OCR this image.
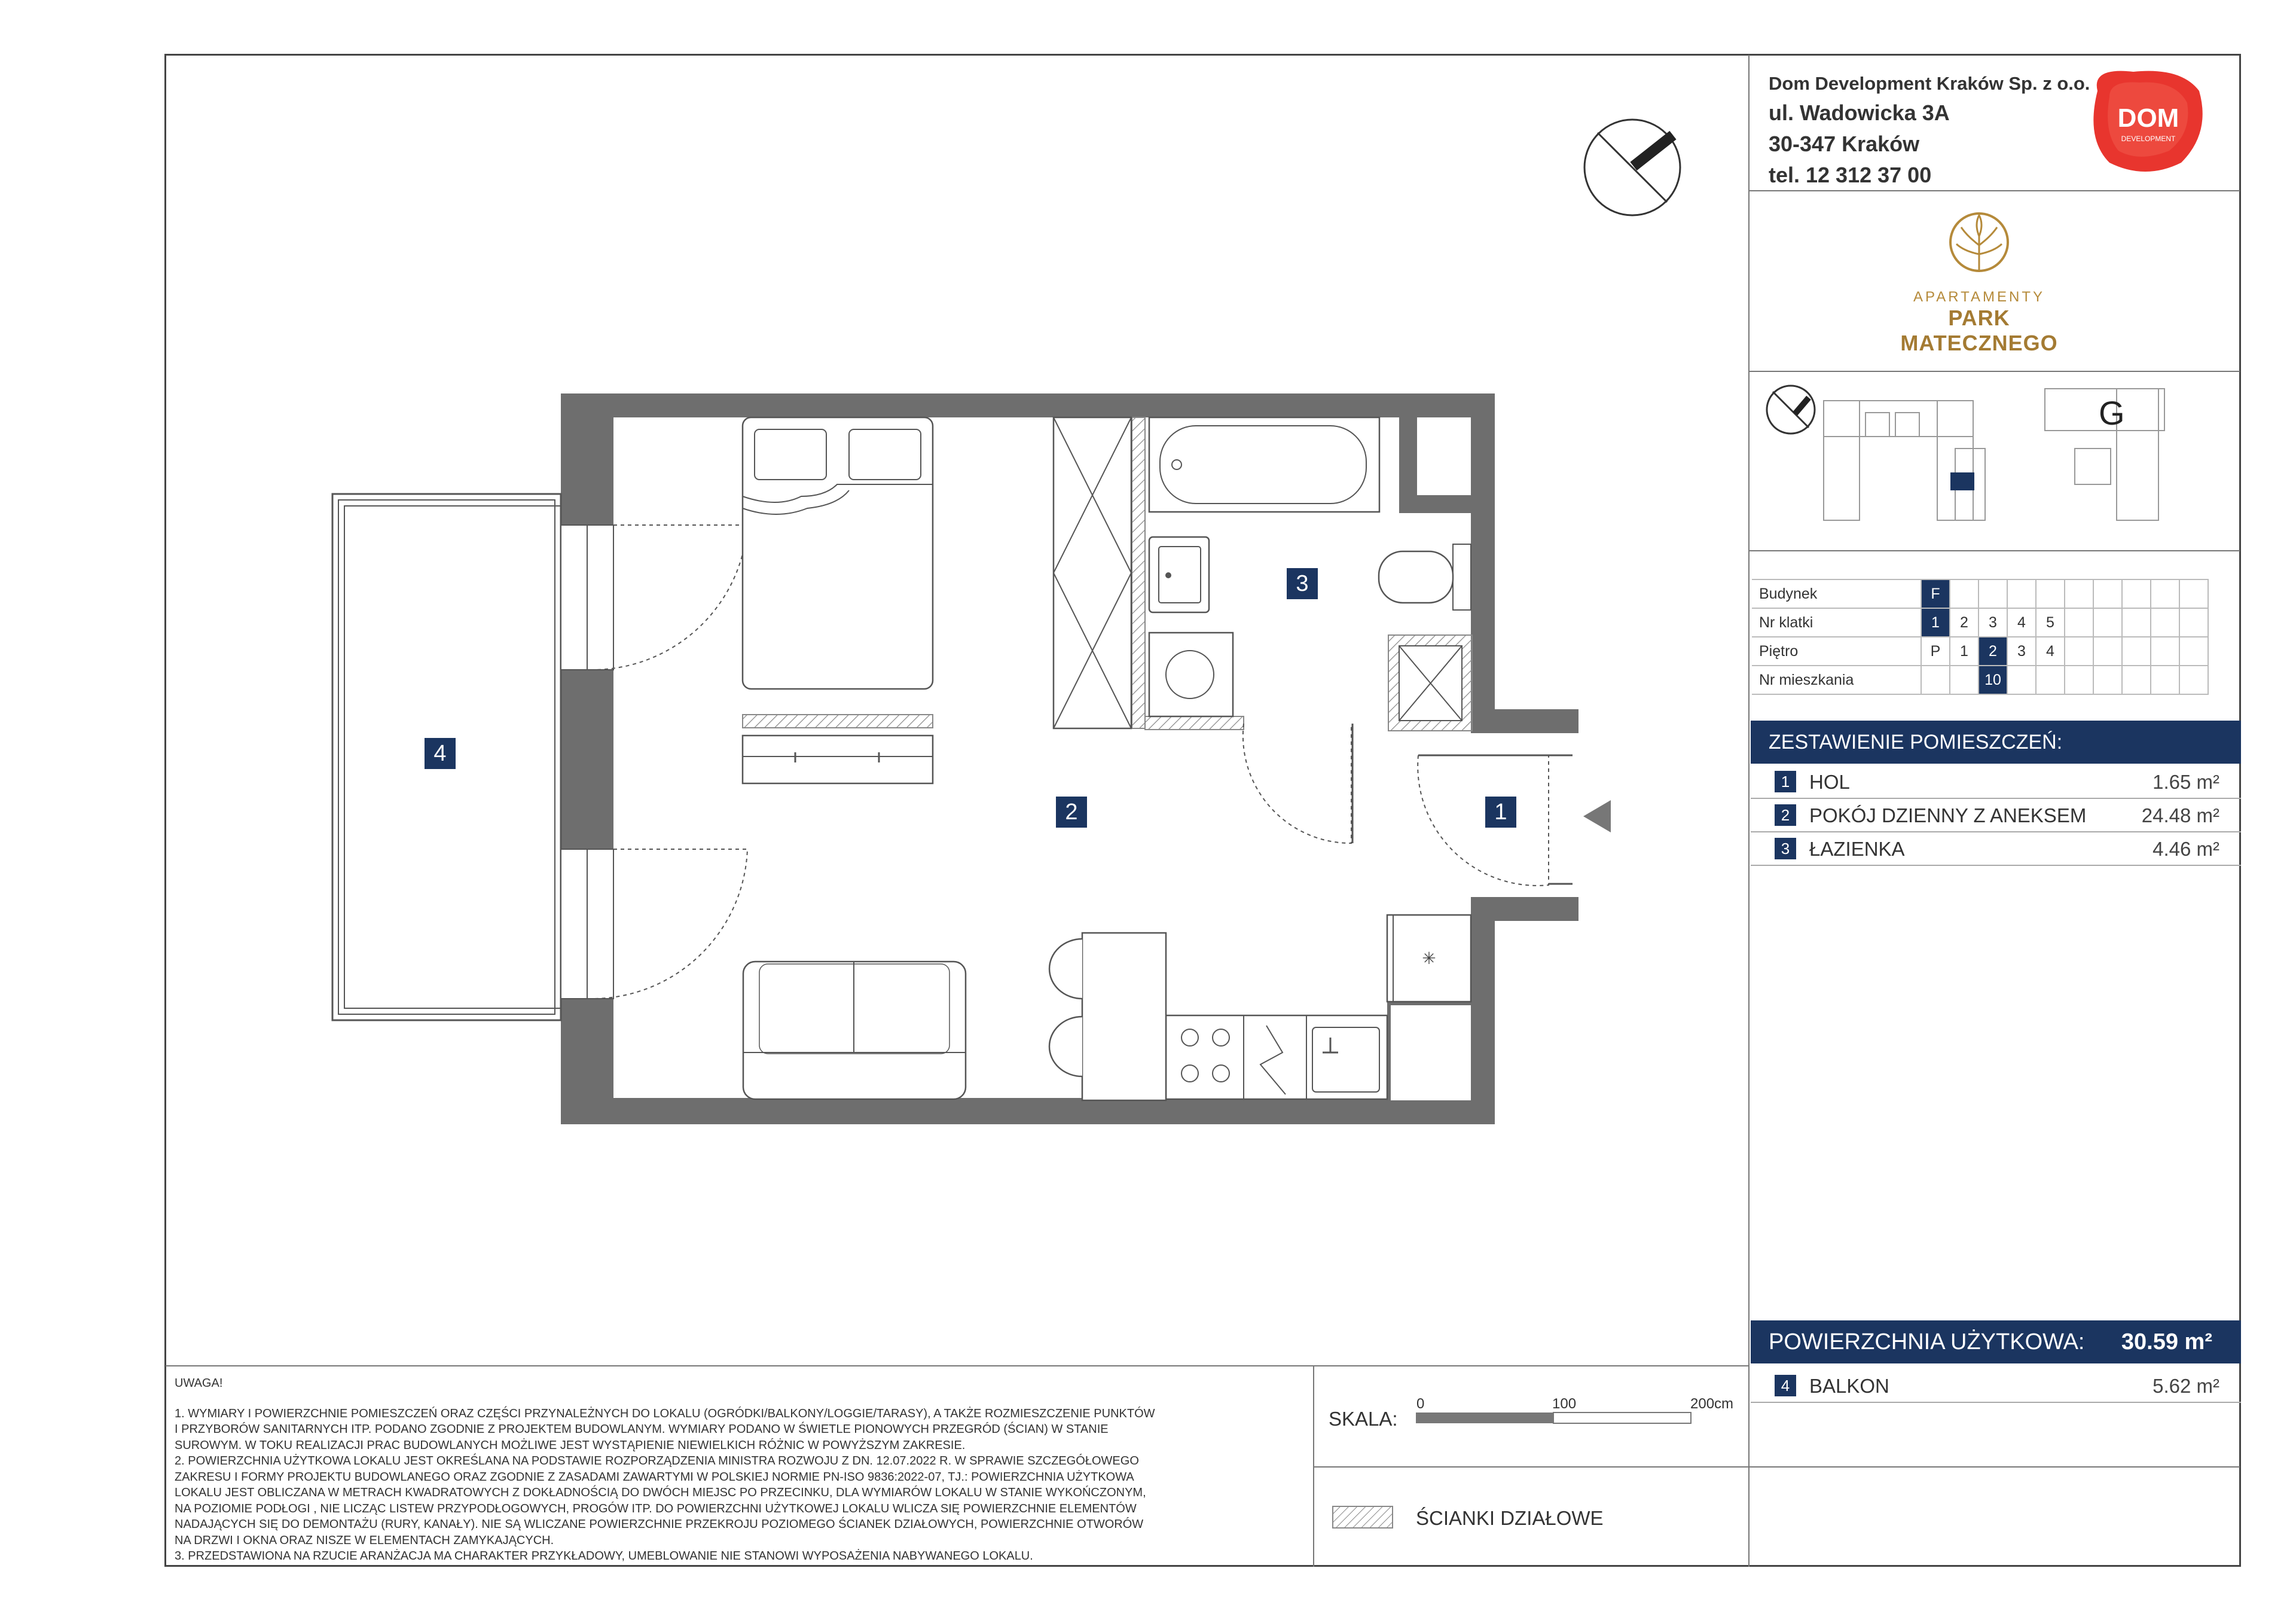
Dom Development Kraków Sp. z o.o.
ul. Wadowicka 3A
30-347 Kraków
tel. 12 312 37 00
DOM
DEVELOPMENT
APARTAMENTY
PARK MATECZNEGO
G
Budynek	F									
Nr klatki	1	2	3	4	5					
Piętro	P	1	2	3	4					
Nr mieszkania			10							
ZESTAWIENIE POMIESZCZEŃ:
1 HOL	1.65 m²
2 POKÓJ DZIENNY Z ANEKSEM	24.48 m²
3 ŁAZIENKA	4.46 m²
POWIERZCHNIA UŻYTKOWA: 30.59 m²
4 BALKON	5.62 m²
UWAGA!
1. WYMIARY I POWIERZCHNIE POMIESZCZEŃ ORAZ CZĘŚCI PRZYNALEŻNYCH DO LOKALU (OGRÓDKI/BALKONY/LOGGIE/TARASY), A TAKŻE ROZMIESZCZENIE PUNKTÓW
I PRZYBORÓW SANITARNYCH ITP. PODANO ZGODNIE Z PROJEKTEM BUDOWLANYM. WYMIARY PODANO W ŚWIETLE PIONOWYCH PRZEGRÓD (ŚCIAN) W STANIE
SUROWYM. W TOKU REALIZACJI PRAC BUDOWLANYCH MOŻLIWE JEST WYSTĄPIENIE NIEWIELKICH RÓŻNIC W POWYŻSZYM ZAKRESIE.
2. POWIERZCHNIA UŻYTKOWA LOKALU JEST OKREŚLANA NA PODSTAWIE ROZPORZĄDZENIA MINISTRA ROZWOJU Z DN. 12.07.2022 R. W SPRAWIE SZCZEGÓŁOWEGO
ZAKRESU I FORMY PROJEKTU BUDOWLANEGO ORAZ ZGODNIE Z ZASADAMI ZAWARTYMI W POLSKIEJ NORMIE PN-ISO 9836:2022-07, TJ.: POWIERZCHNIA UŻYTKOWA
LOKALU JEST OBLICZANA W METRACH KWADRATOWYCH Z DOKŁADNOŚCIĄ DO DWÓCH MIEJSC PO PRZECINKU, DLA WYMIARÓW LOKALU W STANIE WYKOŃCZONYM,
NA POZIOMIE PODŁOGI , NIE LICZĄC LISTEW PRZYPODŁOGOWYCH, PROGÓW ITP. DO POWIERZCHNI UŻYTKOWEJ LOKALU WLICZA SIĘ POWIERZCHNIE ELEMENTÓW
NADAJĄCYCH SIĘ DO DEMONTAŻU (RURY, KANAŁY). NIE SĄ WLICZANE POWIERZCHNIE PRZEKROJU POZIOMEGO ŚCIANEK DZIAŁOWYCH, POWIERZCHNIE OTWORÓW
NA DRZWI I OKNA ORAZ NISZE W ELEMENTACH ZAMYKAJĄCYCH.
3. PRZEDSTAWIONA NA RZUCIE ARANŻACJA MA CHARAKTER PRZYKŁADOWY, UMEBLOWANIE NIE STANOWI WYPOSAŻENIA NABYWANEGO LOKALU.
SKALA:
0	100	200cm
ŚCIANKI DZIAŁOWE
✳
1
2
3
4
